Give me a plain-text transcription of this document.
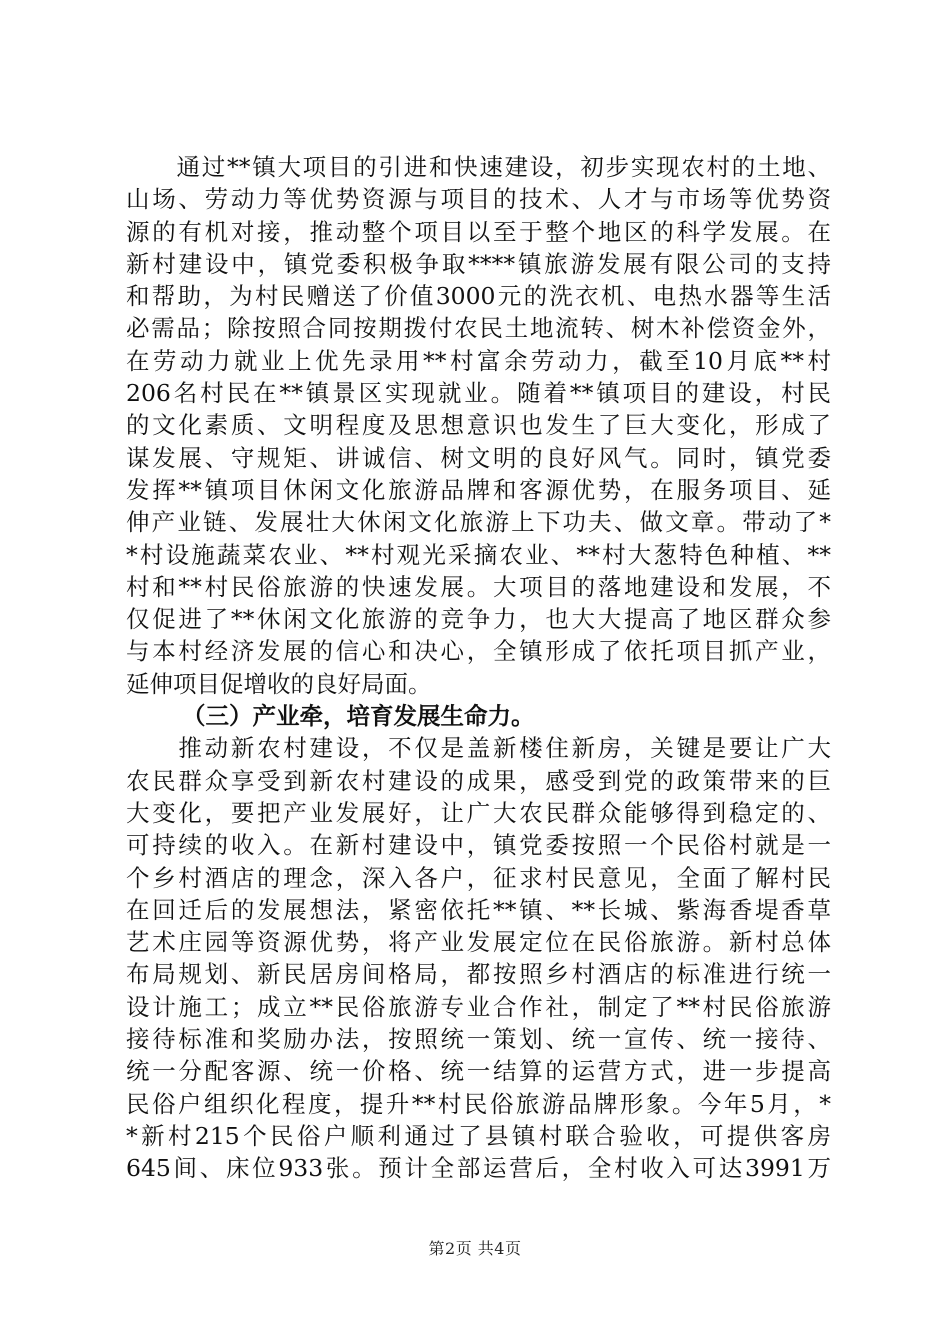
　　通过**镇大项目的引进和快速建设，初步实现农村的土地、
山场、劳动力等优势资源与项目的技术、人才与市场等优势资
源的有机对接，推动整个项目以至于整个地区的科学发展。在
新村建设中，镇党委积极争取****镇旅游发展有限公司的支持
和帮助，为村民赠送了价值3000元的洗衣机、电热水器等生活
必需品；除按照合同按期拨付农民土地流转、树木补偿资金外，
在劳动力就业上优先录用**村富余劳动力，截至10月底**村
206名村民在**镇景区实现就业。随着**镇项目的建设，村民
的文化素质、文明程度及思想意识也发生了巨大变化，形成了
谋发展、守规矩、讲诚信、树文明的良好风气。同时，镇党委
发挥**镇项目休闲文化旅游品牌和客源优势，在服务项目、延
伸产业链、发展壮大休闲文化旅游上下功夫、做文章。带动了*
*村设施蔬菜农业、**村观光采摘农业、**村大葱特色种植、**
村和**村民俗旅游的快速发展。大项目的落地建设和发展，不
仅促进了**休闲文化旅游的竞争力，也大大提高了地区群众参
与本村经济发展的信心和决心，全镇形成了依托项目抓产业，
延伸项目促增收的良好局面。
（三）产业牵，培育发展生命力。
　　推动新农村建设，不仅是盖新楼住新房，关键是要让广大
农民群众享受到新农村建设的成果，感受到党的政策带来的巨
大变化，要把产业发展好，让广大农民群众能够得到稳定的、
可持续的收入。在新村建设中，镇党委按照一个民俗村就是一
个乡村酒店的理念，深入各户，征求村民意见，全面了解村民
在回迁后的发展想法，紧密依托**镇、**长城、紫海香堤香草
艺术庄园等资源优势，将产业发展定位在民俗旅游。新村总体
布局规划、新民居房间格局，都按照乡村酒店的标准进行统一
设计施工；成立**民俗旅游专业合作社，制定了**村民俗旅游
接待标准和奖励办法，按照统一策划、统一宣传、统一接待、
统一分配客源、统一价格、统一结算的运营方式，进一步提高
民俗户组织化程度，提升**村民俗旅游品牌形象。今年5月，*
*新村215个民俗户顺利通过了县镇村联合验收，可提供客房
645间、床位933张。预计全部运营后，全村收入可达3991万
第2页 共4页
